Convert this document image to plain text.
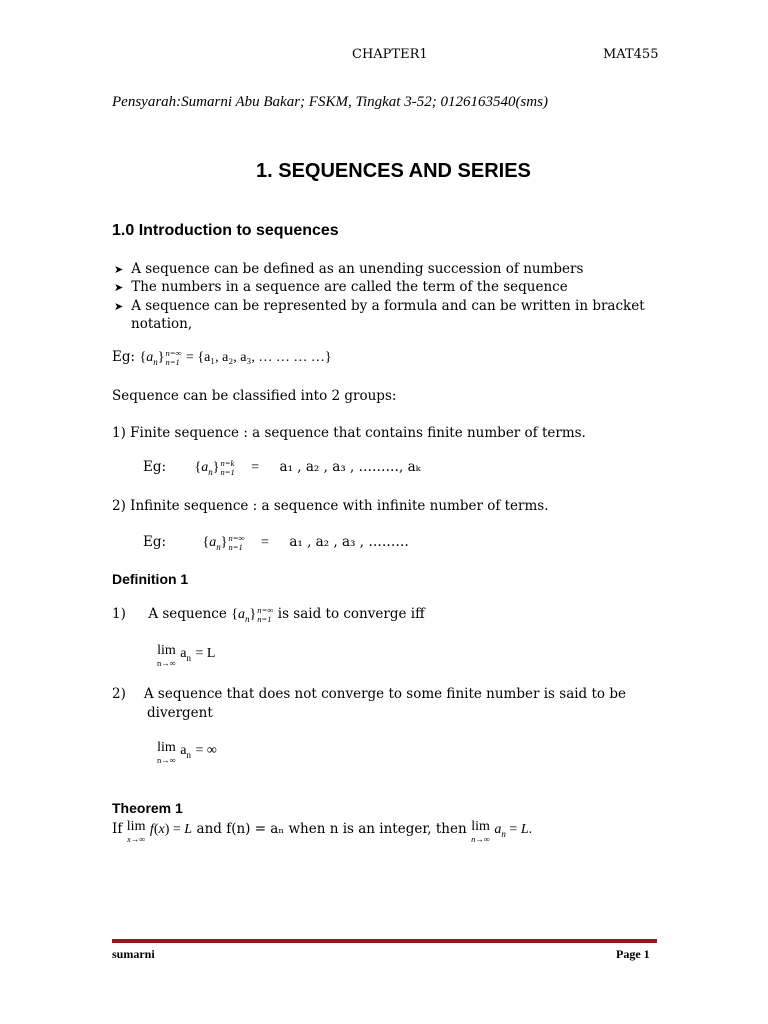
CHAPTER1	MAT455
Pensyarah:Sumarni Abu Bakar; FSKM, Tingkat 3-52; 0126163540(sms)
1. SEQUENCES AND SERIES
1.0 Introduction to sequences
➤ A sequence can be defined as an unending succession of numbers
➤ The numbers in a sequence are called the term of the sequence
➤ A sequence can be represented by a formula and can be written in bracket
notation,
Eg: $\{a_n\}n=\infty$
n=1 = {a₁, a₂, a₃, … … … …}
Sequence can be classified into 2 groups:
1) Finite sequence : a sequence that contains finite number of terms.
Eg: $\{a_n\}n=k$
n=1 = a₁ , a₂ , a₃ , ………, aₖ
2) Infinite sequence : a sequence with infinite number of terms.
Eg:	$\{a_n\}n=\infty$
n=1 = a₁ , a₂ , a₃ , ………
Definition 1
1) A sequence $\{a_n\}n=\infty$
n=1 is said to converge iff
lim
n→∞
$a_n = L$
2) A sequence that does not converge to some finite number is said to be
divergent
lim
n→∞
$a_n$ = ∞
Theorem 1
If lim
x→∞
f(x) = L and f(n) = aₙ when n is an integer, then lim
n→∞
$a_n = L$.
sumarni	Page 1
